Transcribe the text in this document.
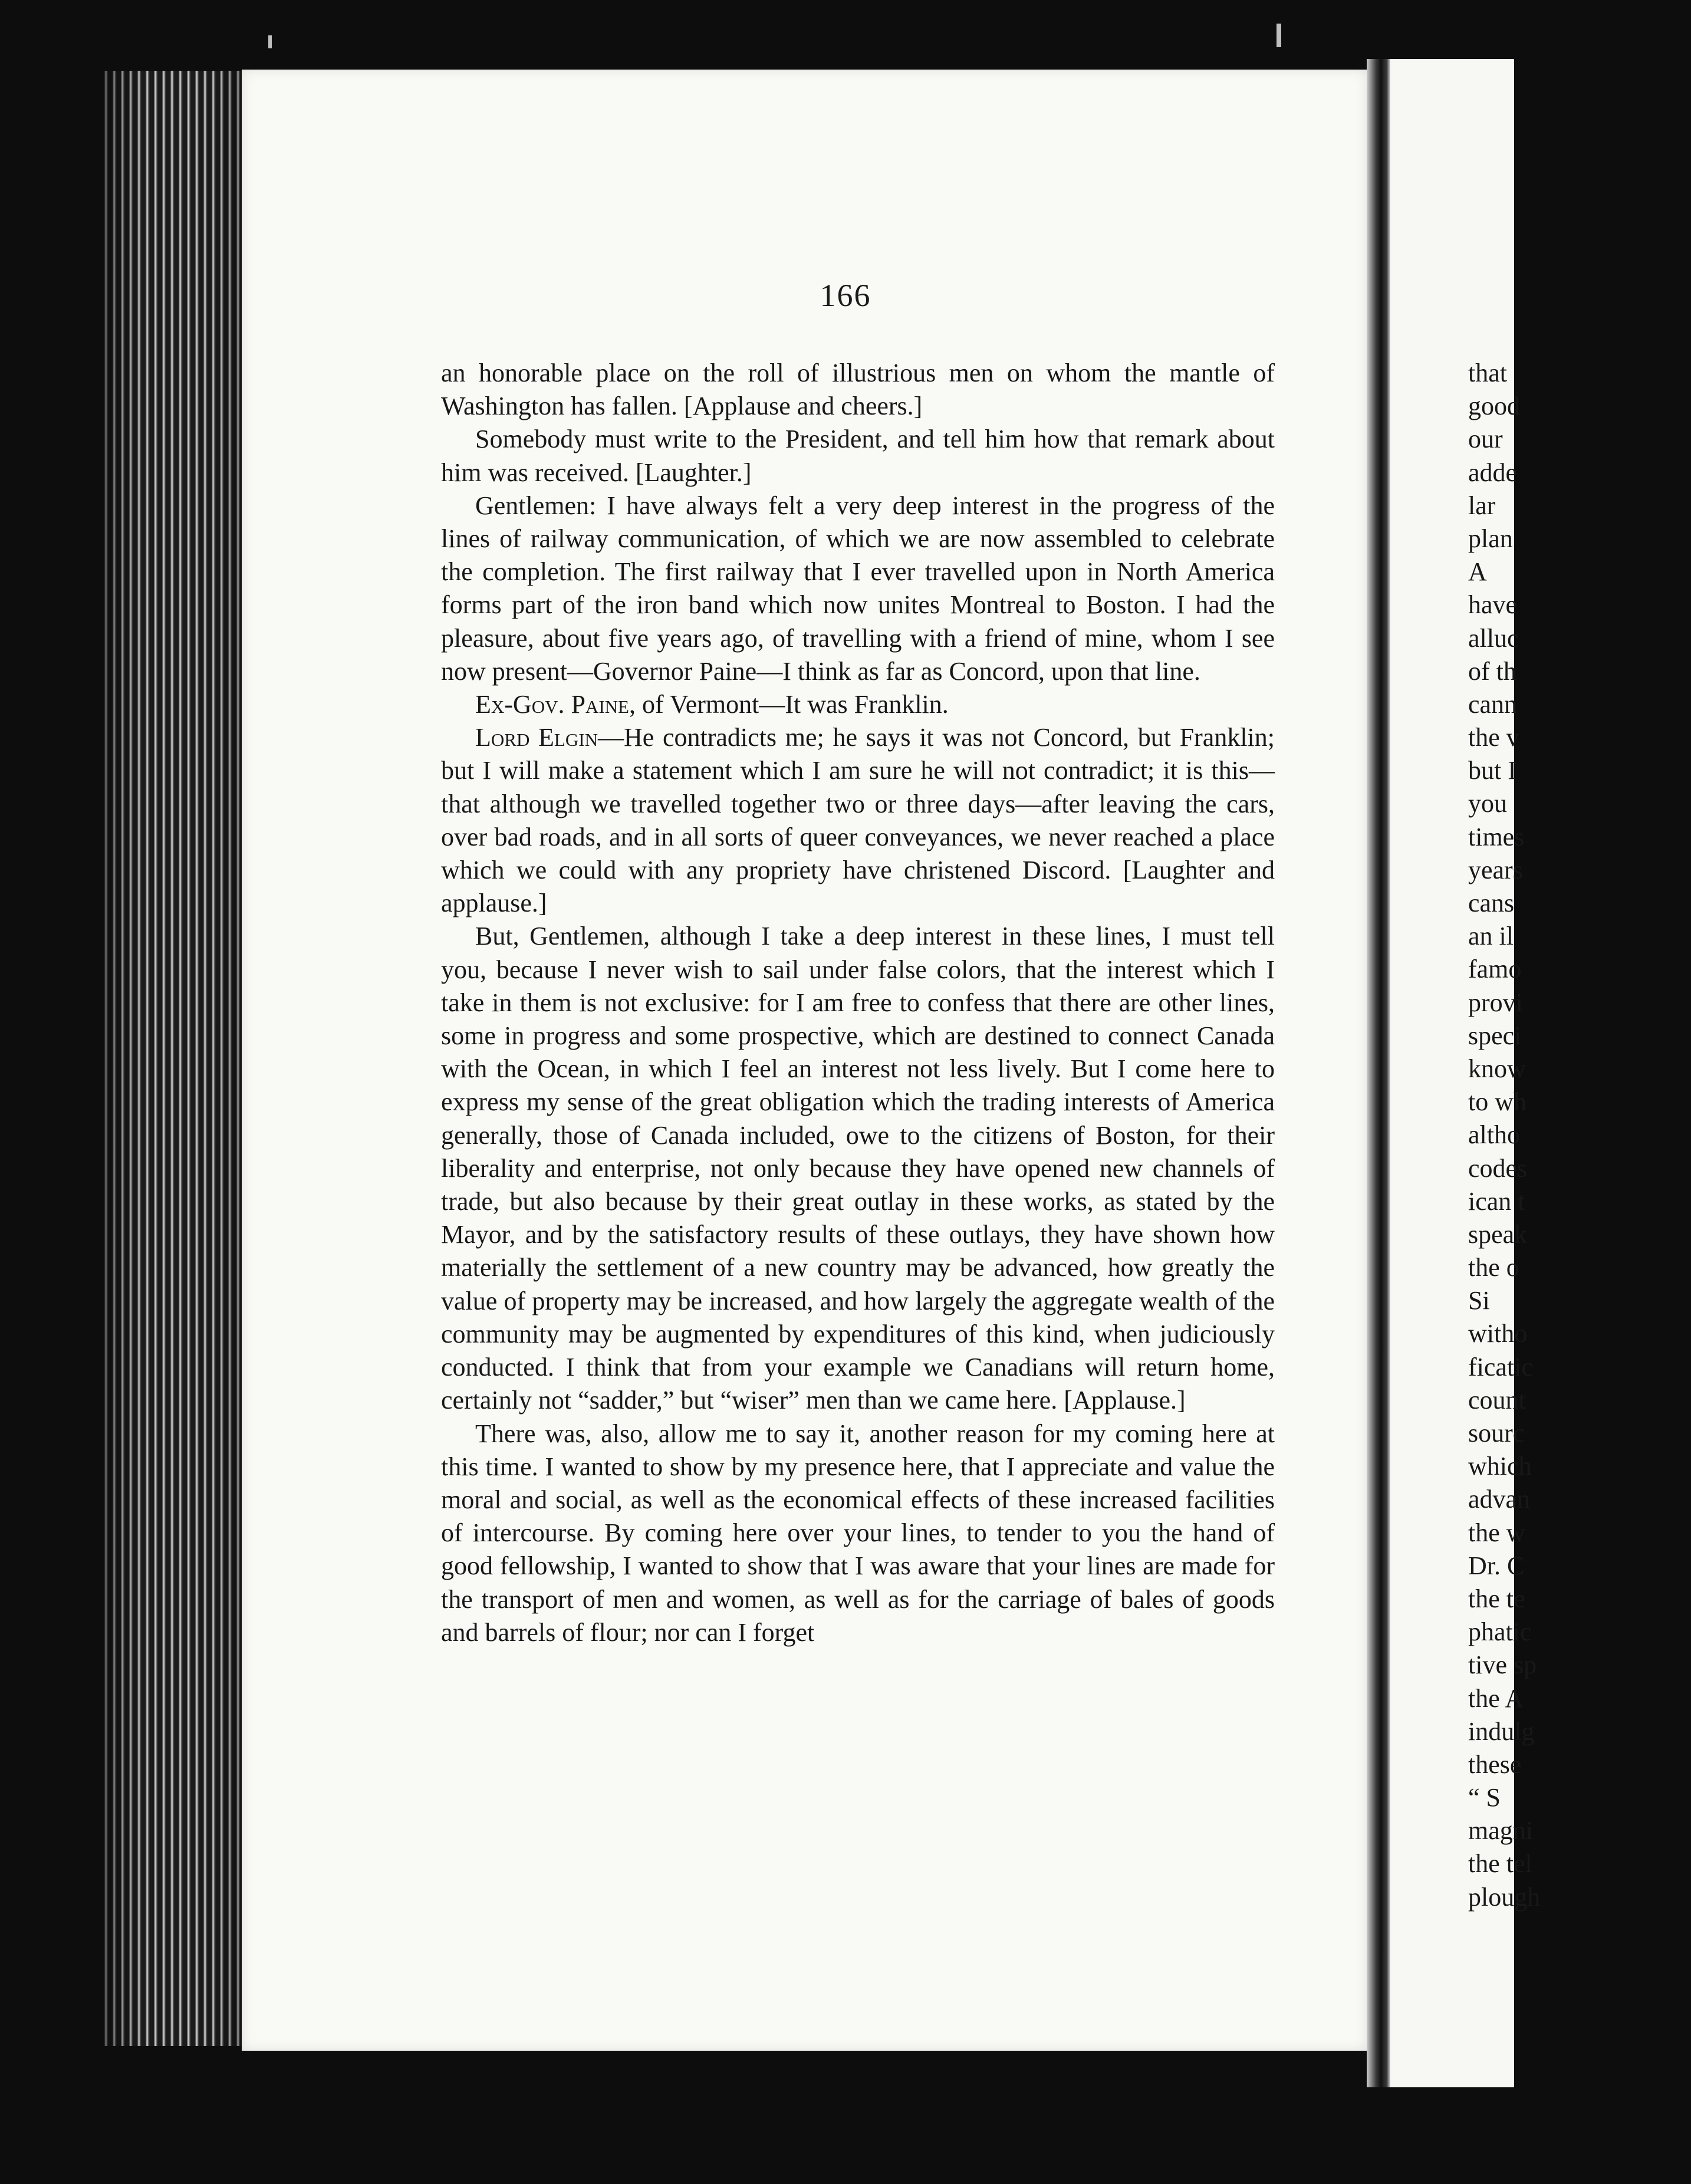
166

an honorable place on the roll of illustrious men on whom the mantle of Washington has fallen. [Applause and cheers.]

Somebody must write to the President, and tell him how that remark about him was received. [Laughter.]

Gentlemen: I have always felt a very deep interest in the progress of the lines of railway communication, of which we are now assembled to celebrate the completion. The first railway that I ever travelled upon in North America forms part of the iron band which now unites Montreal to Boston. I had the pleasure, about five years ago, of travelling with a friend of mine, whom I see now present—Governor Paine—I think as far as Concord, upon that line.

Ex-Gov. Paine, of Vermont—It was Franklin.

Lord Elgin—He contradicts me; he says it was not Concord, but Franklin; but I will make a statement which I am sure he will not contradict; it is this—that although we travelled together two or three days—after leaving the cars, over bad roads, and in all sorts of queer conveyances, we never reached a place which we could with any propriety have christened Discord. [Laughter and applause.]

But, Gentlemen, although I take a deep interest in these lines, I must tell you, because I never wish to sail under false colors, that the interest which I take in them is not exclusive: for I am free to confess that there are other lines, some in progress and some prospective, which are destined to connect Canada with the Ocean, in which I feel an interest not less lively. But I come here to express my sense of the great obligation which the trading interests of America generally, those of Canada included, owe to the citizens of Boston, for their liberality and enterprise, not only because they have opened new channels of trade, but also because by their great outlay in these works, as stated by the Mayor, and by the satisfactory results of these outlays, they have shown how materially the settlement of a new country may be advanced, how greatly the value of property may be increased, and how largely the aggregate wealth of the community may be augmented by expenditures of this kind, when judiciously conducted. I think that from your example we Canadians will return home, certainly not “sadder,” but “wiser” men than we came here. [Applause.]

There was, also, allow me to say it, another reason for my coming here at this time. I wanted to show by my presence here, that I appreciate and value the moral and social, as well as the economical effects of these increased facilities of intercourse. By coming here over your lines, to tender to you the hand of good fellowship, I wanted to show that I was aware that your lines are made for the transport of men and women, as well as for the carriage of bales of goods and barrels of flour; nor can I forget

that
good
our
adde
lar
plan
A
have
alluc
of th
cann
the v
but I
you
times
years
cans
an il
famo
provi
speci
know
to wh
altho
codes
ican t
speak
the o
Si
witho
ficatic
count
sourc
which
advan
the w
Dr. C
the te
phatic
tive sp
the A
indulg
these
“ S
magni
the tel
plough
